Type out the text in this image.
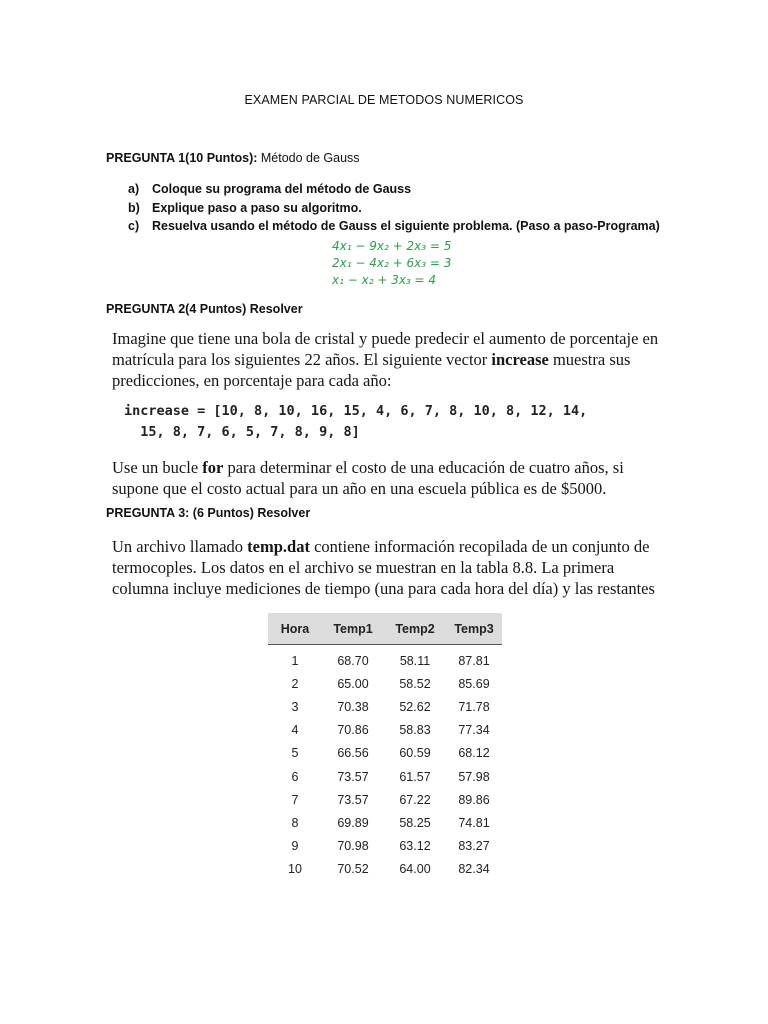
EXAMEN PARCIAL DE METODOS NUMERICOS
PREGUNTA 1(10 Puntos): Método de Gauss
a) Coloque su programa del método de Gauss
b) Explique paso a paso su algoritmo.
c) Resuelva usando el método de Gauss el siguiente problema. (Paso a paso-Programa)
4x₁ − 9x₂ + 2x₃ = 5
2x₁ − 4x₂ + 6x₃ = 3
x₁ − x₂ + 3x₃ = 4
PREGUNTA 2(4 Puntos) Resolver
Imagine que tiene una bola de cristal y puede predecir el aumento de porcentaje en matrícula para los siguientes 22 años. El siguiente vector increase muestra sus predicciones, en porcentaje para cada año:
increase = [10, 8, 10, 16, 15, 4, 6, 7, 8, 10, 8, 12, 14,
15, 8, 7, 6, 5, 7, 8, 9, 8]
Use un bucle for para determinar el costo de una educación de cuatro años, si supone que el costo actual para un año en una escuela pública es de $5000.
PREGUNTA 3: (6 Puntos) Resolver
Un archivo llamado temp.dat contiene información recopilada de un conjunto de termocoples. Los datos en el archivo se muestran en la tabla 8.8. La primera columna incluye mediciones de tiempo (una para cada hora del día) y las restantes
Hora	Temp1	Temp2	Temp3
1	68.70	58.11	87.81
2	65.00	58.52	85.69
3	70.38	52.62	71.78
4	70.86	58.83	77.34
5	66.56	60.59	68.12
6	73.57	61.57	57.98
7	73.57	67.22	89.86
8	69.89	58.25	74.81
9	70.98	63.12	83.27
10	70.52	64.00	82.34
